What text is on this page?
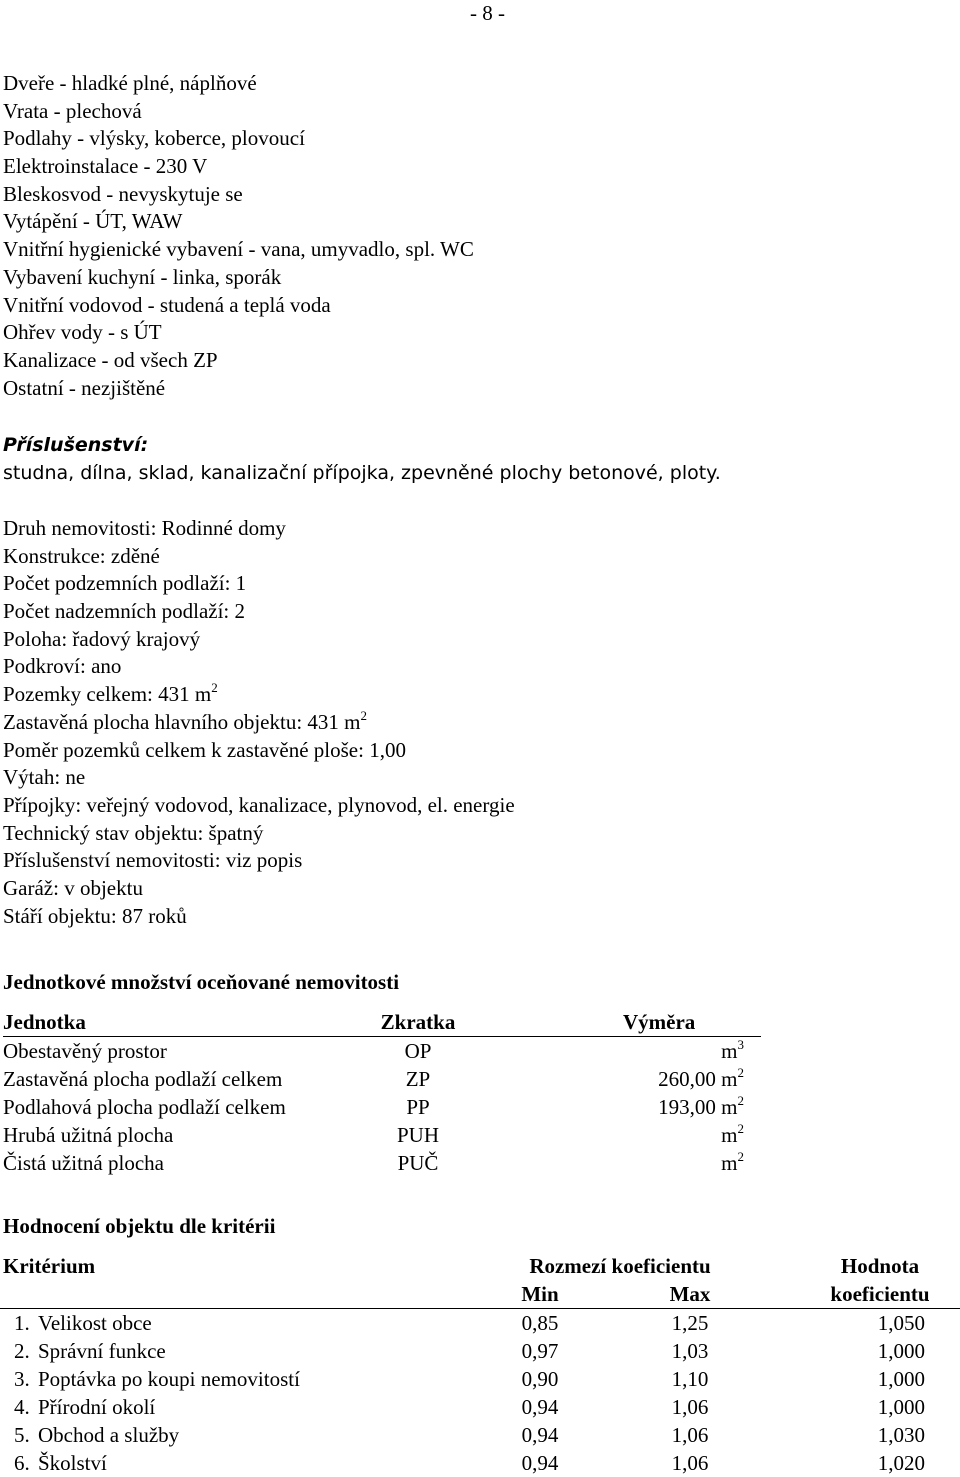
- 8 -
Dveře - hladké plné, náplňové
Vrata - plechová
Podlahy - vlýsky, koberce, plovoucí
Elektroinstalace - 230 V
Bleskosvod - nevyskytuje se
Vytápění - ÚT, WAW
Vnitřní hygienické vybavení - vana, umyvadlo, spl. WC
Vybavení kuchyní - linka, sporák
Vnitřní vodovod - studená a teplá voda
Ohřev vody - s ÚT
Kanalizace - od všech ZP
Ostatní - nezjištěné
Příslušenství:
studna, dílna, sklad, kanalizační přípojka, zpevněné plochy betonové, ploty.
Druh nemovitosti: Rodinné domy
Konstrukce: zděné
Počet podzemních podlaží: 1
Počet nadzemních podlaží: 2
Poloha: řadový krajový
Podkroví: ano
Pozemky celkem: 431 $m^2$
Zastavěná plocha hlavního objektu: 431 $m^2$
Poměr pozemků celkem k zastavěné ploše: 1,00
Výtah: ne
Přípojky: veřejný vodovod, kanalizace, plynovod, el. energie
Technický stav objektu: špatný
Příslušenství nemovitosti: viz popis
Garáž: v objektu
Stáří objektu: 87 roků
Jednotkové množství oceňované nemovitosti
Jednotka	Zkratka	Výměra
Obestavěný prostor	OP	$m^3$
Zastavěná plocha podlaží celkem	ZP	260,00 $m^2$
Podlahová plocha podlaží celkem	PP	193,00 $m^2$
Hrubá užitná plocha	PUH	$m^2$
Čistá užitná plocha	PUČ	$m^2$
Hodnocení objektu dle kritérii
Kritérium	Rozmezí koeficientu	Hodnota
Min	Max	koeficientu
1. Velikost obce	0,85	1,25	1,050
2. Správní funkce	0,97	1,03	1,000
3. Poptávka po koupi nemovitostí	0,90	1,10	1,000
4. Přírodní okolí	0,94	1,06	1,000
5. Obchod a služby	0,94	1,06	1,030
6. Školství	0,94	1,06	1,020
